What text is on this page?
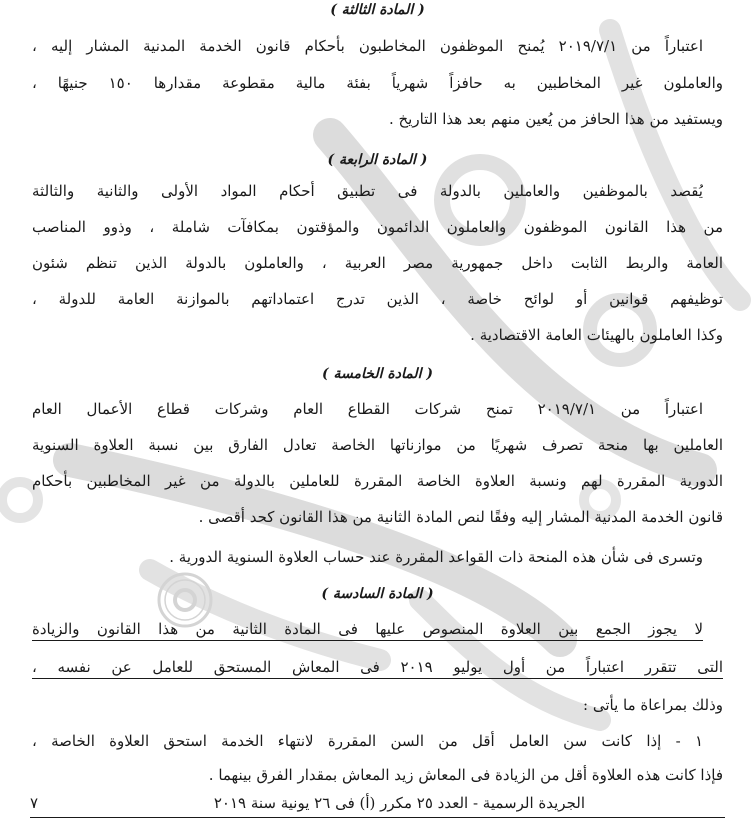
( المادة الثالثة )
اعتباراً من ٢٠١٩/٧/١ يُمنح الموظفون المخاطبون بأحكام قانون الخدمة المدنية المشار إليه ،
والعاملون غير المخاطبين به حافزاً شهرياً بفئة مالية مقطوعة مقدارها ١٥٠ جنيهًا ،
ويستفيد من هذا الحافز من يُعين منهم بعد هذا التاريخ .
( المادة الرابعة )
يُقصد بالموظفين والعاملين بالدولة فى تطبيق أحكام المواد الأولى والثانية والثالثة
من هذا القانون الموظفون والعاملون الدائمون والمؤقتون بمكافآت شاملة ، وذوو المناصب
العامة والربط الثابت داخل جمهورية مصر العربية ، والعاملون بالدولة الذين تنظم شئون
توظيفهم قوانين أو لوائح خاصة ، الذين تدرج اعتماداتهم بالموازنة العامة للدولة ،
وكذا العاملون بالهيئات العامة الاقتصادية .
( المادة الخامسة )
اعتباراً من ٢٠١٩/٧/١ تمنح شركات القطاع العام وشركات قطاع الأعمال العام
العاملين بها منحة تصرف شهريًا من موازناتها الخاصة تعادل الفارق بين نسبة العلاوة السنوية
الدورية المقررة لهم ونسبة العلاوة الخاصة المقررة للعاملين بالدولة من غير المخاطبين بأحكام
قانون الخدمة المدنية المشار إليه وفقًا لنص المادة الثانية من هذا القانون كحد أقصى .
وتسرى فى شأن هذه المنحة ذات القواعد المقررة عند حساب العلاوة السنوية الدورية .
( المادة السادسة )
لا يجوز الجمع بين العلاوة المنصوص عليها فى المادة الثانية من هذا القانون والزيادة
التى تتقرر اعتباراً من أول يوليو ٢٠١٩ فى المعاش المستحق للعامل عن نفسه ،
وذلك بمراعاة ما يأتى :
١ - إذا كانت سن العامل أقل من السن المقررة لانتهاء الخدمة استحق العلاوة الخاصة ،
فإذا كانت هذه العلاوة أقل من الزيادة فى المعاش زيد المعاش بمقدار الفرق بينهما .
الجريدة الرسمية - العدد ٢٥ مكرر (أ) فى ٢٦ يونية سنة ٢٠١٩
٧
